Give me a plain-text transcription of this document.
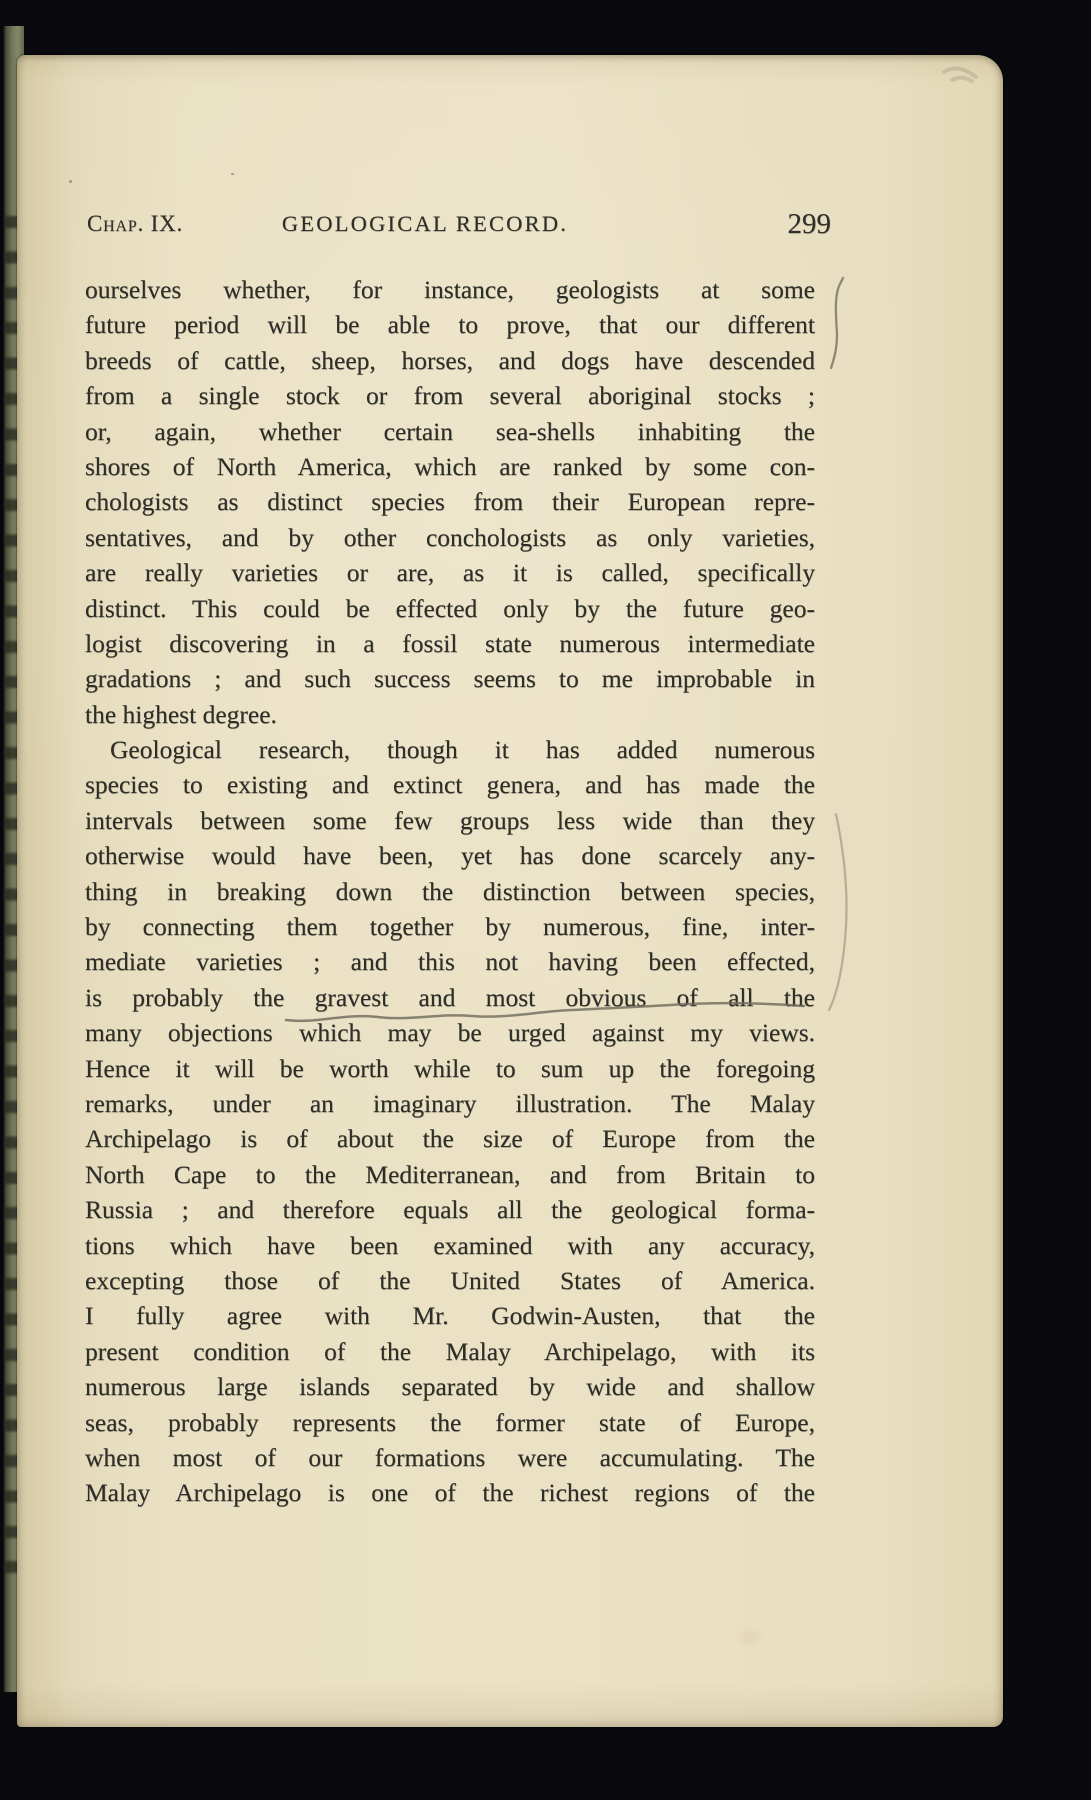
Chap. IX.	GEOLOGICAL RECORD.	299
ourselves whether, for instance, geologists at some
future period will be able to prove, that our different
breeds of cattle, sheep, horses, and dogs have descended
from a single stock or from several aboriginal stocks ;
or, again, whether certain sea-shells inhabiting the
shores of North America, which are ranked by some con-
chologists as distinct species from their European repre-
sentatives, and by other conchologists as only varieties,
are really varieties or are, as it is called, specifically
distinct. This could be effected only by the future geo-
logist discovering in a fossil state numerous intermediate
gradations ; and such success seems to me improbable in
the highest degree.
Geological research, though it has added numerous
species to existing and extinct genera, and has made the
intervals between some few groups less wide than they
otherwise would have been, yet has done scarcely any-
thing in breaking down the distinction between species,
by connecting them together by numerous, fine, inter-
mediate varieties ; and this not having been effected,
is probably the gravest and most obvious of all the
many objections which may be urged against my views.
Hence it will be worth while to sum up the foregoing
remarks, under an imaginary illustration. The Malay
Archipelago is of about the size of Europe from the
North Cape to the Mediterranean, and from Britain to
Russia ; and therefore equals all the geological forma-
tions which have been examined with any accuracy,
excepting those of the United States of America.
I fully agree with Mr. Godwin-Austen, that the
present condition of the Malay Archipelago, with its
numerous large islands separated by wide and shallow
seas, probably represents the former state of Europe,
when most of our formations were accumulating. The
Malay Archipelago is one of the richest regions of the
